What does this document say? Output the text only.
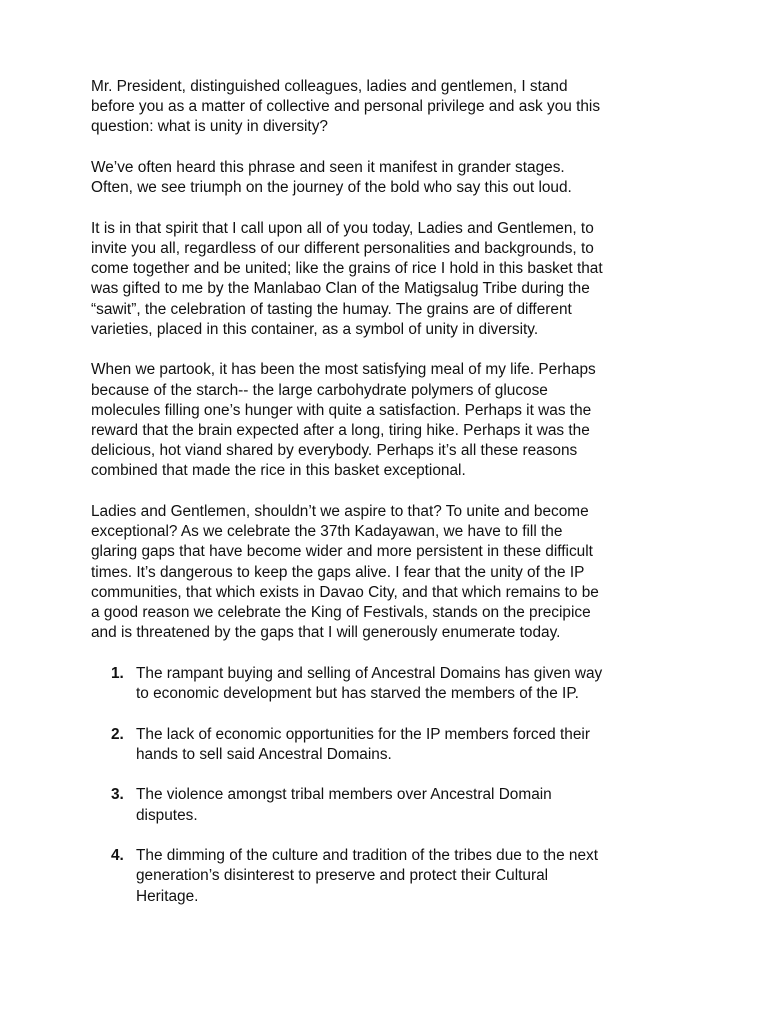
Mr. President, distinguished colleagues, ladies and gentlemen, I stand
before you as a matter of collective and personal privilege and ask you this
question: what is unity in diversity?

We’ve often heard this phrase and seen it manifest in grander stages.
Often, we see triumph on the journey of the bold who say this out loud.

It is in that spirit that I call upon all of you today, Ladies and Gentlemen, to
invite you all, regardless of our different personalities and backgrounds, to
come together and be united; like the grains of rice I hold in this basket that
was gifted to me by the Manlabao Clan of the Matigsalug Tribe during the
“sawit”, the celebration of tasting the humay. The grains are of different
varieties, placed in this container, as a symbol of unity in diversity.

When we partook, it has been the most satisfying meal of my life. Perhaps
because of the starch-- the large carbohydrate polymers of glucose
molecules filling one’s hunger with quite a satisfaction. Perhaps it was the
reward that the brain expected after a long, tiring hike. Perhaps it was the
delicious, hot viand shared by everybody. Perhaps it’s all these reasons
combined that made the rice in this basket exceptional.

Ladies and Gentlemen, shouldn’t we aspire to that? To unite and become
exceptional? As we celebrate the 37th Kadayawan, we have to fill the
glaring gaps that have become wider and more persistent in these difficult
times. It’s dangerous to keep the gaps alive. I fear that the unity of the IP
communities, that which exists in Davao City, and that which remains to be
a good reason we celebrate the King of Festivals, stands on the precipice
and is threatened by the gaps that I will generously enumerate today.

1. The rampant buying and selling of Ancestral Domains has given way
to economic development but has starved the members of the IP.
2. The lack of economic opportunities for the IP members forced their
hands to sell said Ancestral Domains.
3. The violence amongst tribal members over Ancestral Domain
disputes.
4. The dimming of the culture and tradition of the tribes due to the next
generation’s disinterest to preserve and protect their Cultural
Heritage.
